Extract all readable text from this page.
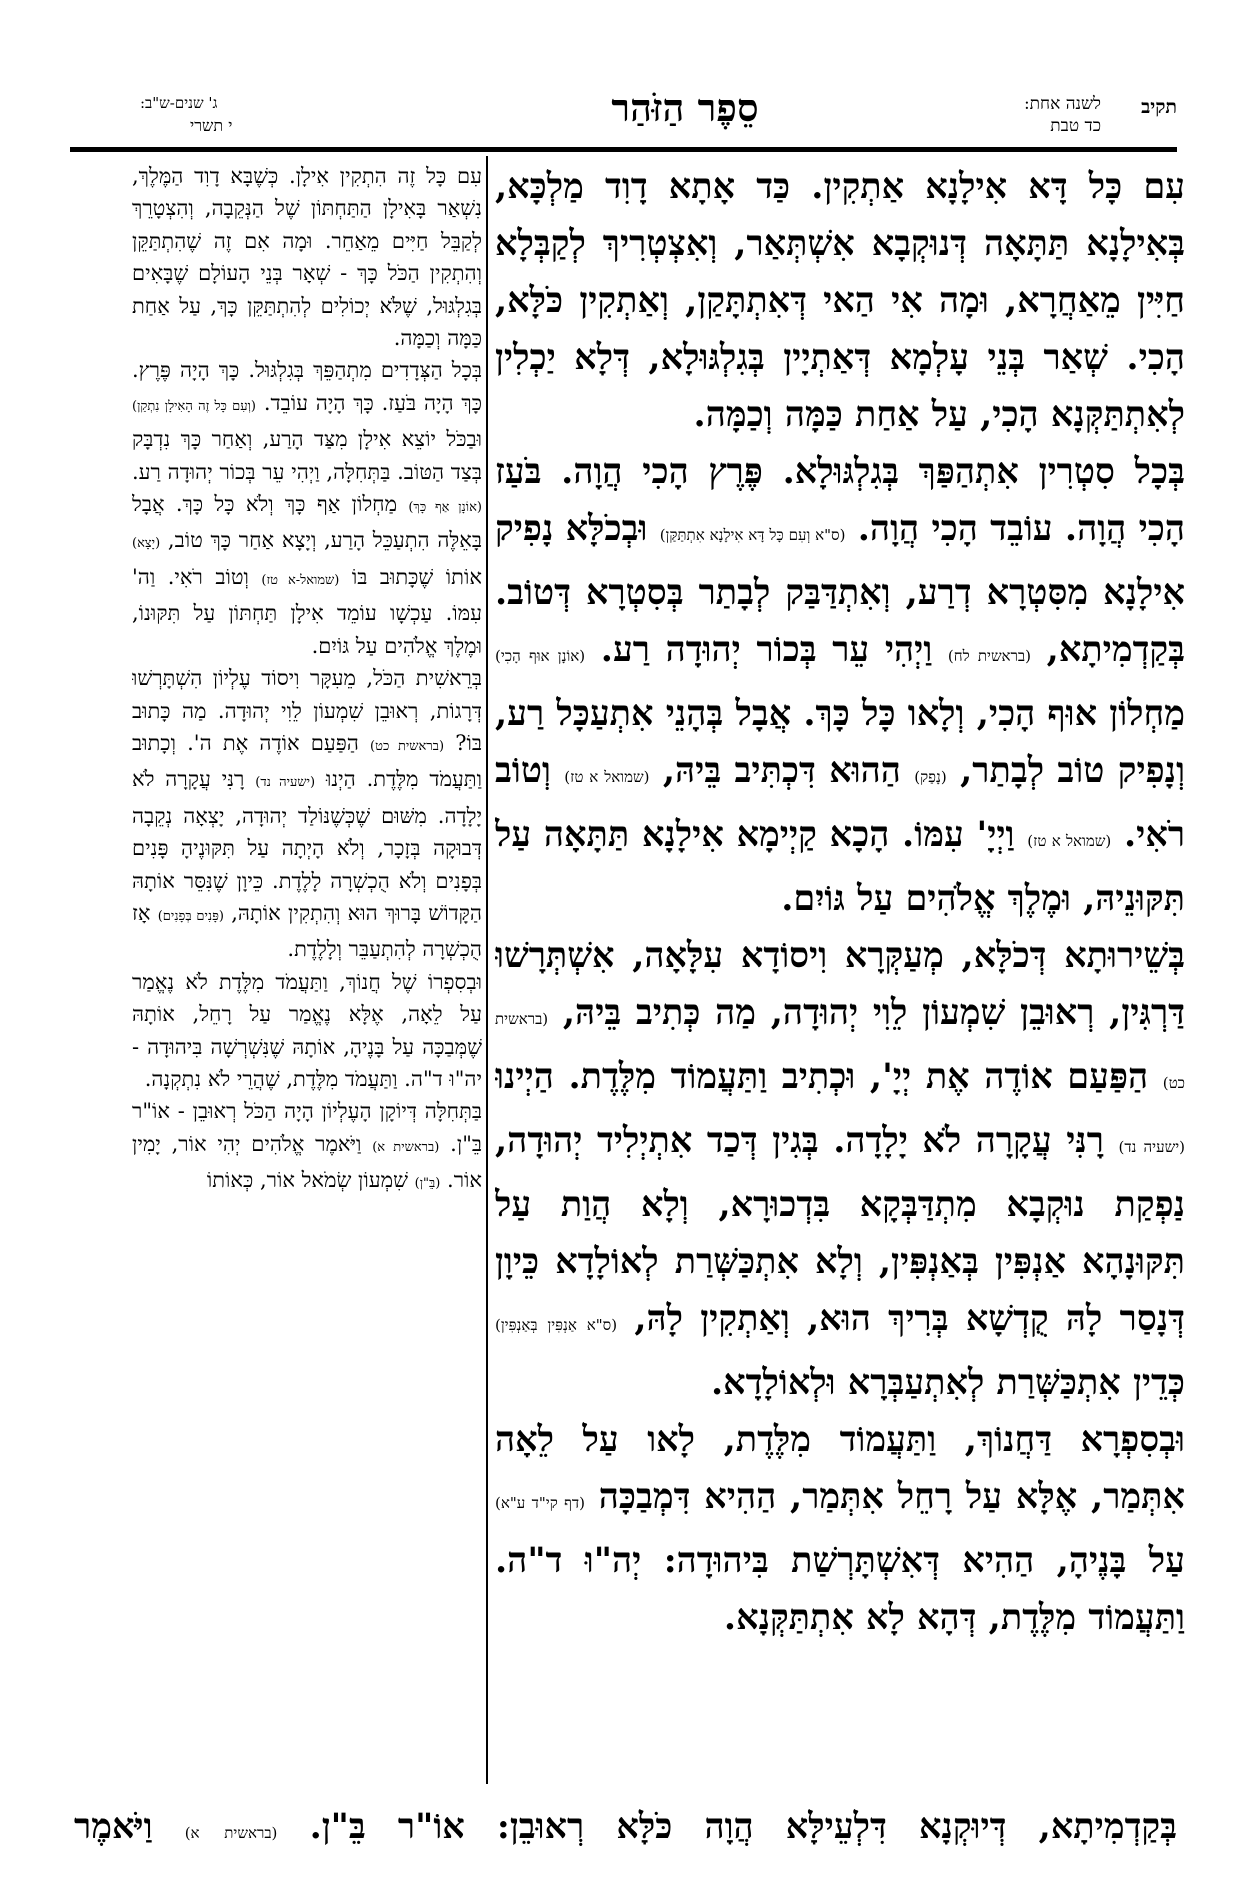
תקיב
לשנה אחת:
כד טבת
סֵפֶר הַזֹּהַר
ג' שנים-ש"ב:
י תשרי

עִם כָּל דָּא אִילָנָא אַתְקִין. כַּד אָתָא דָוִד מַלְכָּא, בְּאִילָנָא תַּתָּאָה דְּנוּקְבָא אִשְׁתְּאַר, וְאִצְטְרִיךְ לְקַבְּלָא חַיִּין מֵאַחֲרָא, וּמָה אִי הַאי דְּאִתְתָּקַן, וְאַתְקִין כֹּלָּא, הָכִי. שְׁאַר בְּנֵי עָלְמָא דְּאַתְיָין בְּגִלְגּוּלָא, דְּלָא יַכְלִין לְאִתְתַּקְּנָא הָכִי, עַל אַחַת כַּמָּה וְכַמָּה.

בְּכָל סִטְרִין אִתְהַפַּךְ בְּגִלְגּוּלָא. פֶּרֶץ הָכִי הֲוָה. בֹּעַז הָכִי הֲוָה. עוֹבֵד הָכִי הֲוָה. (ס"א וְעִם כָּל דָּא אִילָנָא אִתְתַּקַּן) וּבְכֹלָּא נָפִיק אִילָנָא מִסִּטְרָא דְרַע, וְאִתְדַּבַּק לְבָתַר בְּסִטְרָא דְּטוֹב. בְּקַדְמִיתָא, (בראשית לח) וַיְהִי עֵר בְּכוֹר יְהוּדָה רַע. (אוֹנָן אוּף הָכִי) מַחְלוֹן אוּף הָכִי, וְלָאו כָּל כָּךְ. אֲבָל בְּהָנֵי אִתְעַכָּל רַע, וְנָפִיק טוֹב לְבָתַר, (נָפַק) הַהוּא דִּכְתִּיב בֵּיהּ, (שמואל א טז) וְטוֹב רֹאִי. (שמואל א טז) וַיְיָ' עִמּוֹ. הָכָא קַיְימָא אִילָנָא תַּתָּאָה עַל תִּקּוּנֵיהּ, וּמֶלֶךְ אֱלֹהִים עַל גּוֹיִם.

בְּשֵׁירוּתָא דְּכֹלָּא, מְעַקְּרָא וִיסוֹדָא עִלָּאָה, אִשְׁתְּרָשׁוּ דַּרְגִּין, רְאוּבֵן שִׁמְעוֹן לֵוִי יְהוּדָה, מַה כְּתִיב בֵּיהּ, (בראשית כט) הַפַּעַם אוֹדֶה אֶת יְיָ', וּכְתִיב וַתַּעֲמוֹד מִלֶּדֶת. הַיְינוּ (ישעיה נד) רָנִּי עֲקָרָה לֹא יָלָדָה. בְּגִין דְּכַד אִתְיְלִיד יְהוּדָה, נַפְקַת נוּקְבָא מִתְדַּבְּקָא בִּדְכוּרָא, וְלָא הֲוַת עַל תִּקּוּנָהָא אַנְפִּין בְּאַנְפִּין, וְלָא אִתְכַּשְּׁרַת לְאוֹלָדָא כֵּיוָן דְּנָסַר לָהּ קֻדְשָׁא בְּרִיךְ הוּא, וְאַתְקִין לָהּ, (ס"א אַנְפִּין בְּאַנְפִּין) כְּדֵין אִתְכַּשְּׁרַת לְאִתְעַבְּרָא וּלְאוֹלָדָא.

וּבְסִפְרָא דַּחֲנוֹךְ, וַתַּעֲמוֹד מִלֶּדֶת, לָאו עַל לֵאָה אִתְּמַר, אֶלָּא עַל רָחֵל אִתְּמַר, הַהִיא דִּמְבַכָּה (דף קי"ד ע"א) עַל בָּנֶיהָ, הַהִיא דְּאִשְׁתָּרְשַׁת בִּיהוּדָה: יְה"וּ ד"ה. וַתַּעֲמוֹד מִלֶּדֶת, דְּהָא לָא אִתְתַּקְּנָא.

עִם כָּל זֶה הִתְקִין אִילָן. כְּשֶׁבָּא דָוִד הַמֶּלֶךְ, נִשְׁאַר בָּאִילָן הַתַּחְתּוֹן שֶׁל הַנְּקֵבָה, וְהִצְטָרֵךְ לְקַבֵּל חַיִּים מֵאַחֵר. וּמָה אִם זֶה שֶׁהִתְתַּקֵּן וְהִתְקִין הַכֹּל כָּךְ - שְׁאָר בְּנֵי הָעוֹלָם שֶׁבָּאִים בְּגִלְגּוּל, שֶׁלֹּא יְכוֹלִים לְהִתְתַּקֵּן כָּךְ, עַל אַחַת כַּמָּה וְכַמָּה.

בְּכָל הַצְּדָדִים מִתְהַפֵּךְ בְּגִלְגּוּל. כָּךְ הָיָה פֶּרֶץ. כָּךְ הָיָה בֹּעַז. כָּךְ הָיָה עוֹבֵד. (וְעִם כָּל זֶה הָאִילָן נִתְקַן) וּבַכֹּל יוֹצֵא אִילָן מִצַּד הָרַע, וְאַחַר כָּךְ נִדְבָּק בְּצַד הַטּוֹב. בַּתְּחִלָּה, וַיְהִי עֵר בְּכוֹר יְהוּדָה רַע. (אוֹנָן אַף כָּךְ) מַחְלוֹן אַף כָּךְ וְלֹא כָּל כָּךְ. אֲבָל בָּאֵלֶּה הִתְעַכֵּל הָרַע, וְיָצָא אַחַר כָּךְ טוֹב, (יָצָא) אוֹתוֹ שֶׁכָּתוּב בּוֹ (שמואל-א טז) וְטוֹב רֹאִי. וַה' עִמּוֹ. עַכְשָׁו עוֹמֵד אִילָן תַּחְתּוֹן עַל תִּקּוּנוֹ, וּמֶלֶךְ אֱלֹהִים עַל גּוֹיִם.

בְּרֵאשִׁית הַכֹּל, מֵעִקָּר וִיסוֹד עֶלְיוֹן הִשְׁתָּרְשׁוּ דְּרָגוֹת, רְאוּבֵן שִׁמְעוֹן לֵוִי יְהוּדָה. מַה כָּתוּב בּוֹ? (בראשית כט) הַפַּעַם אוֹדֶה אֶת ה'. וְכָתוּב וַתַּעֲמֹד מִלֶּדֶת. הַיְנוּ (ישעיה נד) רָנִּי עֲקָרָה לֹא יָלָדָה. מִשּׁוּם שֶׁכְּשֶׁנּוֹלַד יְהוּדָה, יָצְאָה נְקֵבָה דְּבוּקָה בְּזָכָר, וְלֹא הָיְתָה עַל תִּקּוּנֶיהָ פָּנִים בְּפָנִים וְלֹא הֻכְשְׁרָה לָלֶדֶת. כֵּיוָן שֶׁנִּסֵּר אוֹתָהּ הַקָּדוֹשׁ בָּרוּךְ הוּא וְהִתְקִין אוֹתָהּ, (פָּנִים בְּפָנִים) אָז הֻכְשְׁרָה לְהִתְעַבֵּר וְלָלֶדֶת.

וּבְסִפְרוֹ שֶׁל חֲנוֹךְ, וַתַּעֲמֹד מִלֶּדֶת לֹא נֶאֱמַר עַל לֵאָה, אֶלָּא נֶאֱמַר עַל רָחֵל, אוֹתָהּ שֶׁמְּבַכָּה עַל בָּנֶיהָ, אוֹתָהּ שֶׁנִּשְׁרְשָׁה בִּיהוּדָה - יה"וּ ד"ה. וַתַּעֲמֹד מִלֶּדֶת, שֶׁהֲרֵי לֹא נִתְקְנָה.

בַּתְּחִלָּה דְּיוֹקָן הָעֶלְיוֹן הָיָה הַכֹּל רְאוּבֵן - אוֹ"ר בֵּ"ן. (בראשית א) וַיֹּאמֶר אֱלֹהִים יְהִי אוֹר, יָמִין אוֹר. (בֵּ"ן) שִׁמְעוֹן שְׂמֹאל אוֹר, כְּאוֹתוֹ

בְּקַדְמִיתָא, דְּיוּקְנָא דִּלְעֵילָּא הֲוָה כֹּלָּא רְאוּבֵן: אוֹ"ר בֵּ"ן. (בראשית א) וַיֹּאמֶר
